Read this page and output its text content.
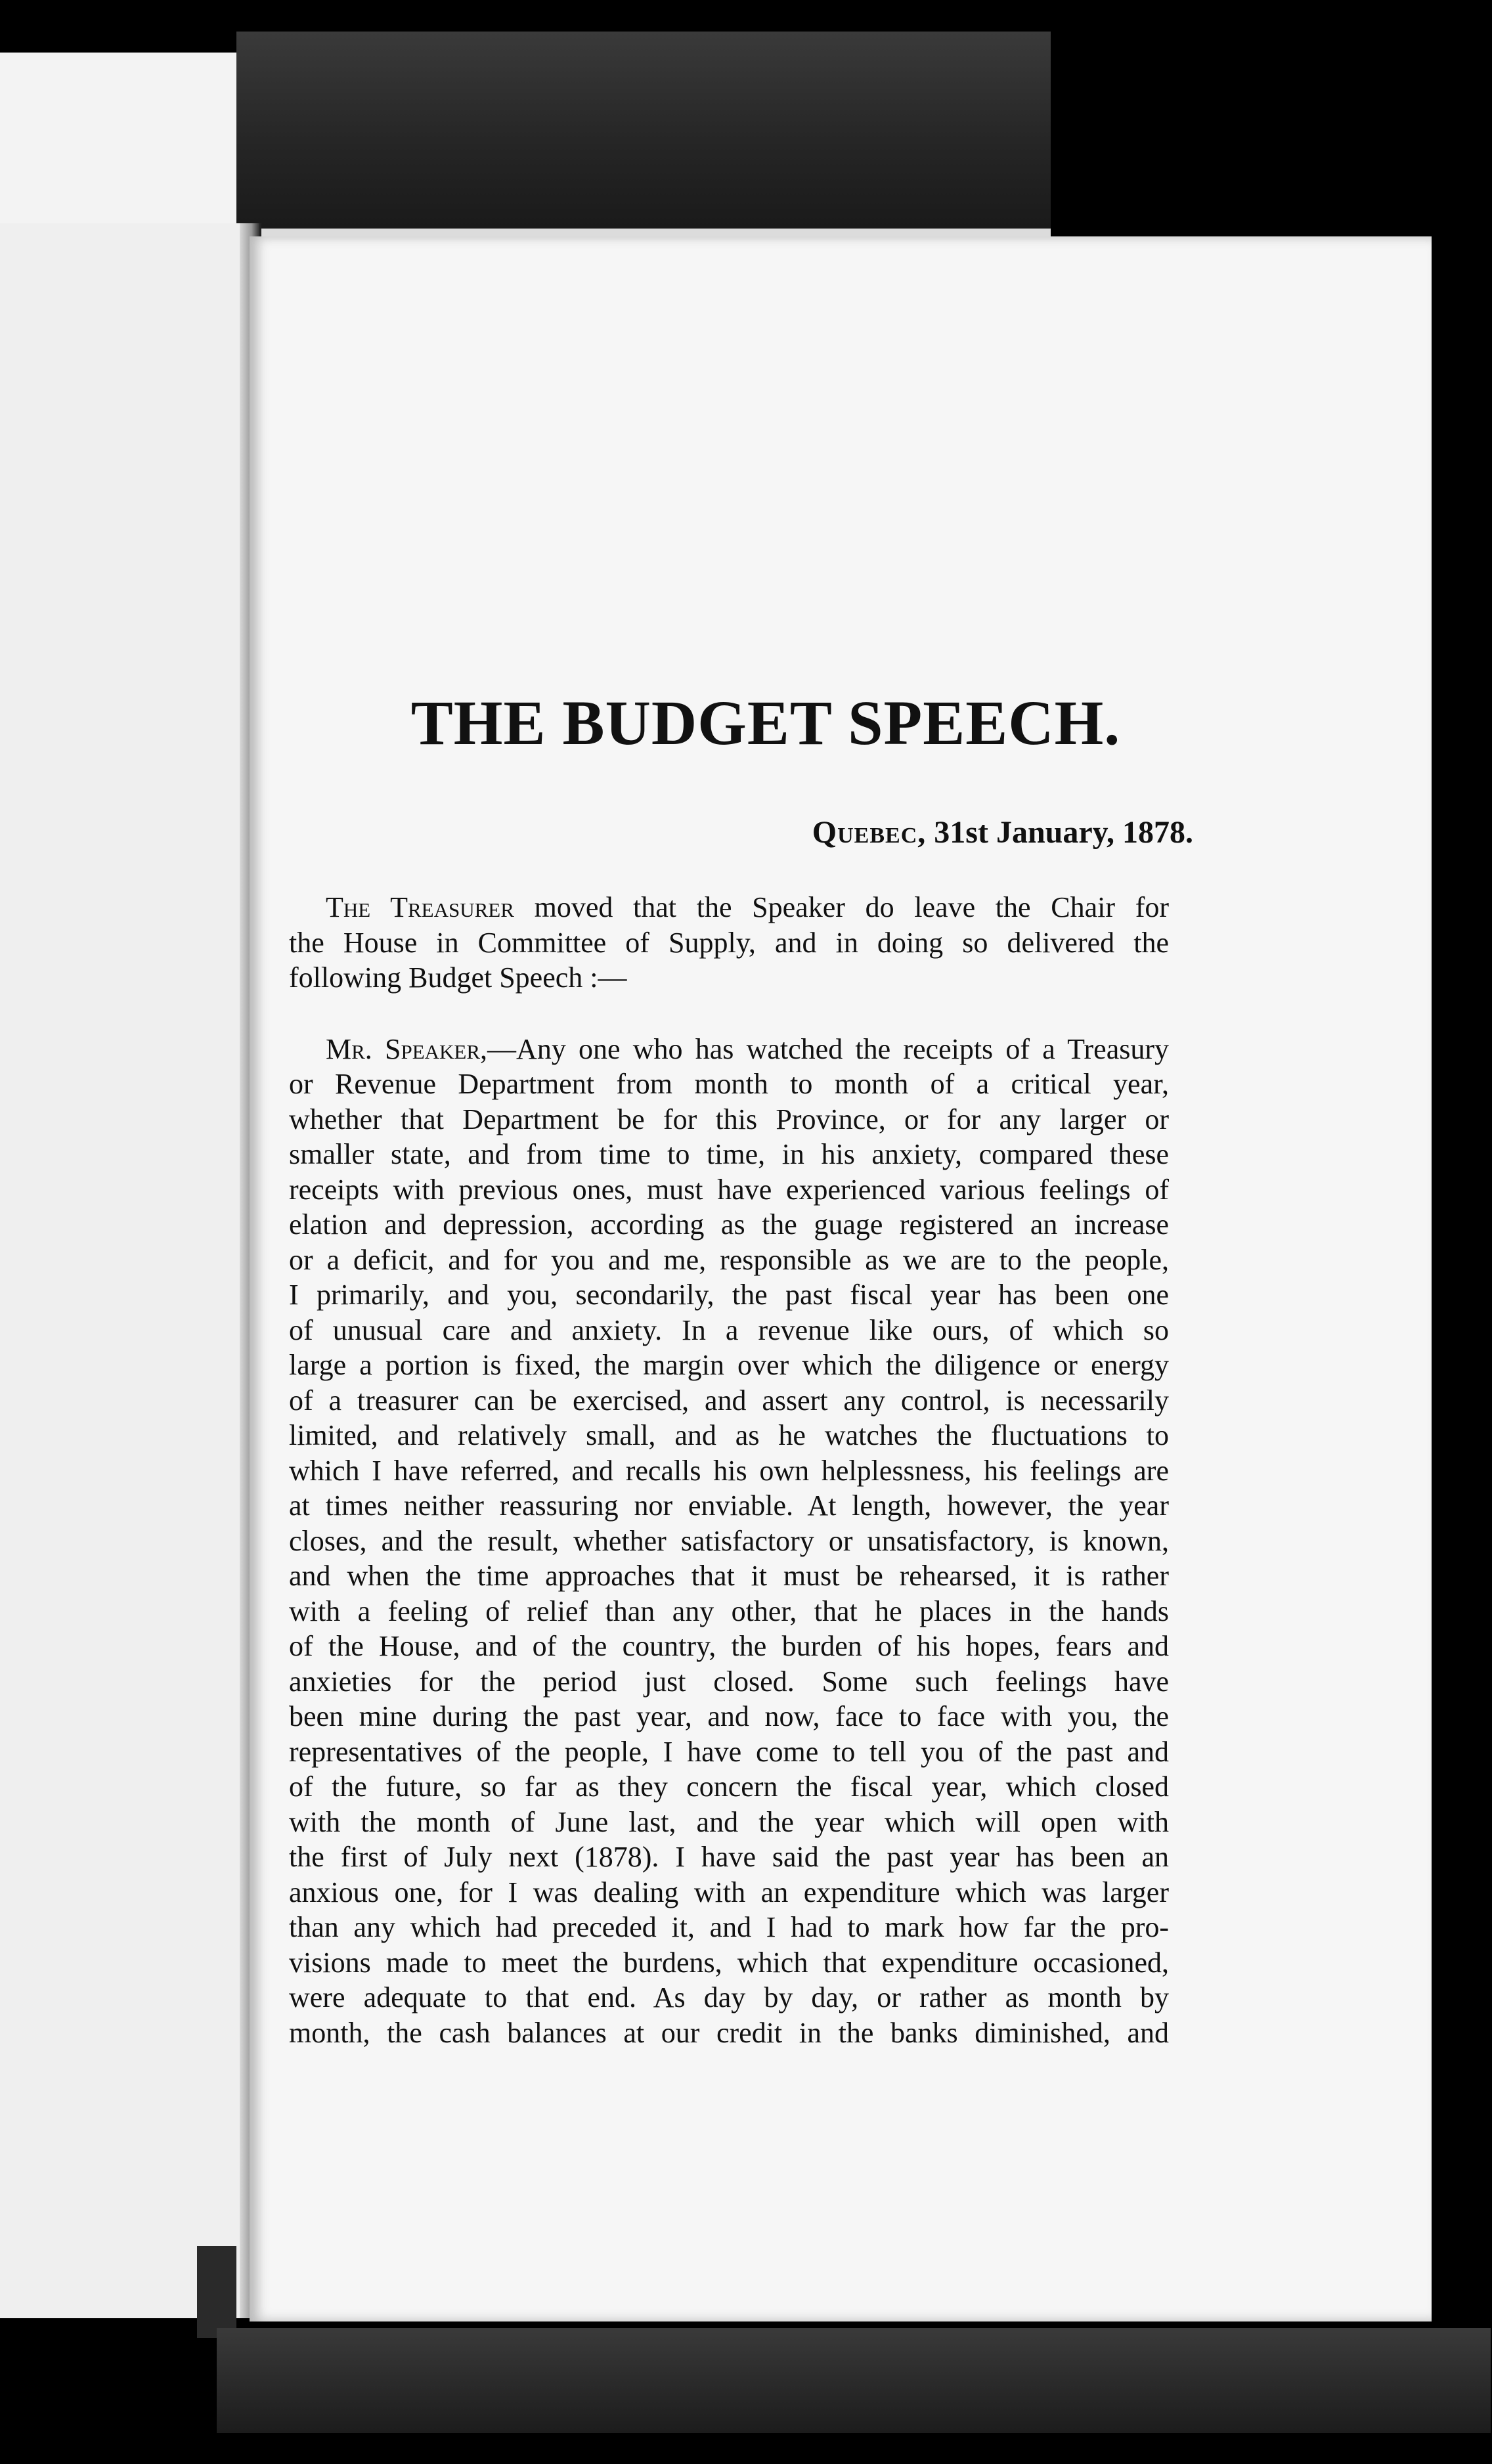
THE BUDGET SPEECH.
Quebec, 31st January, 1878.

The Treasurer moved that the Speaker do leave the Chair for
the House in Committee of Supply, and in doing so delivered the
following Budget Speech :—

Mr. Speaker,—Any one who has watched the receipts of a Treasury
or Revenue Department from month to month of a critical year,
whether that Department be for this Province, or for any larger or
smaller state, and from time to time, in his anxiety, compared these
receipts with previous ones, must have experienced various feelings of
elation and depression, according as the guage registered an increase
or a deficit, and for you and me, responsible as we are to the people,
I primarily, and you, secondarily, the past fiscal year has been one
of unusual care and anxiety. In a revenue like ours, of which so
large a portion is fixed, the margin over which the diligence or energy
of a treasurer can be exercised, and assert any control, is necessarily
limited, and relatively small, and as he watches the fluctuations to
which I have referred, and recalls his own helplessness, his feelings are
at times neither reassuring nor enviable. At length, however, the year
closes, and the result, whether satisfactory or unsatisfactory, is known,
and when the time approaches that it must be rehearsed, it is rather
with a feeling of relief than any other, that he places in the hands
of the House, and of the country, the burden of his hopes, fears and
anxieties for the period just closed. Some such feelings have
been mine during the past year, and now, face to face with you, the
representatives of the people, I have come to tell you of the past and
of the future, so far as they concern the fiscal year, which closed
with the month of June last, and the year which will open with
the first of July next (1878). I have said the past year has been an
anxious one, for I was dealing with an expenditure which was larger
than any which had preceded it, and I had to mark how far the pro-
visions made to meet the burdens, which that expenditure occasioned,
were adequate to that end. As day by day, or rather as month by
month, the cash balances at our credit in the banks diminished, and
